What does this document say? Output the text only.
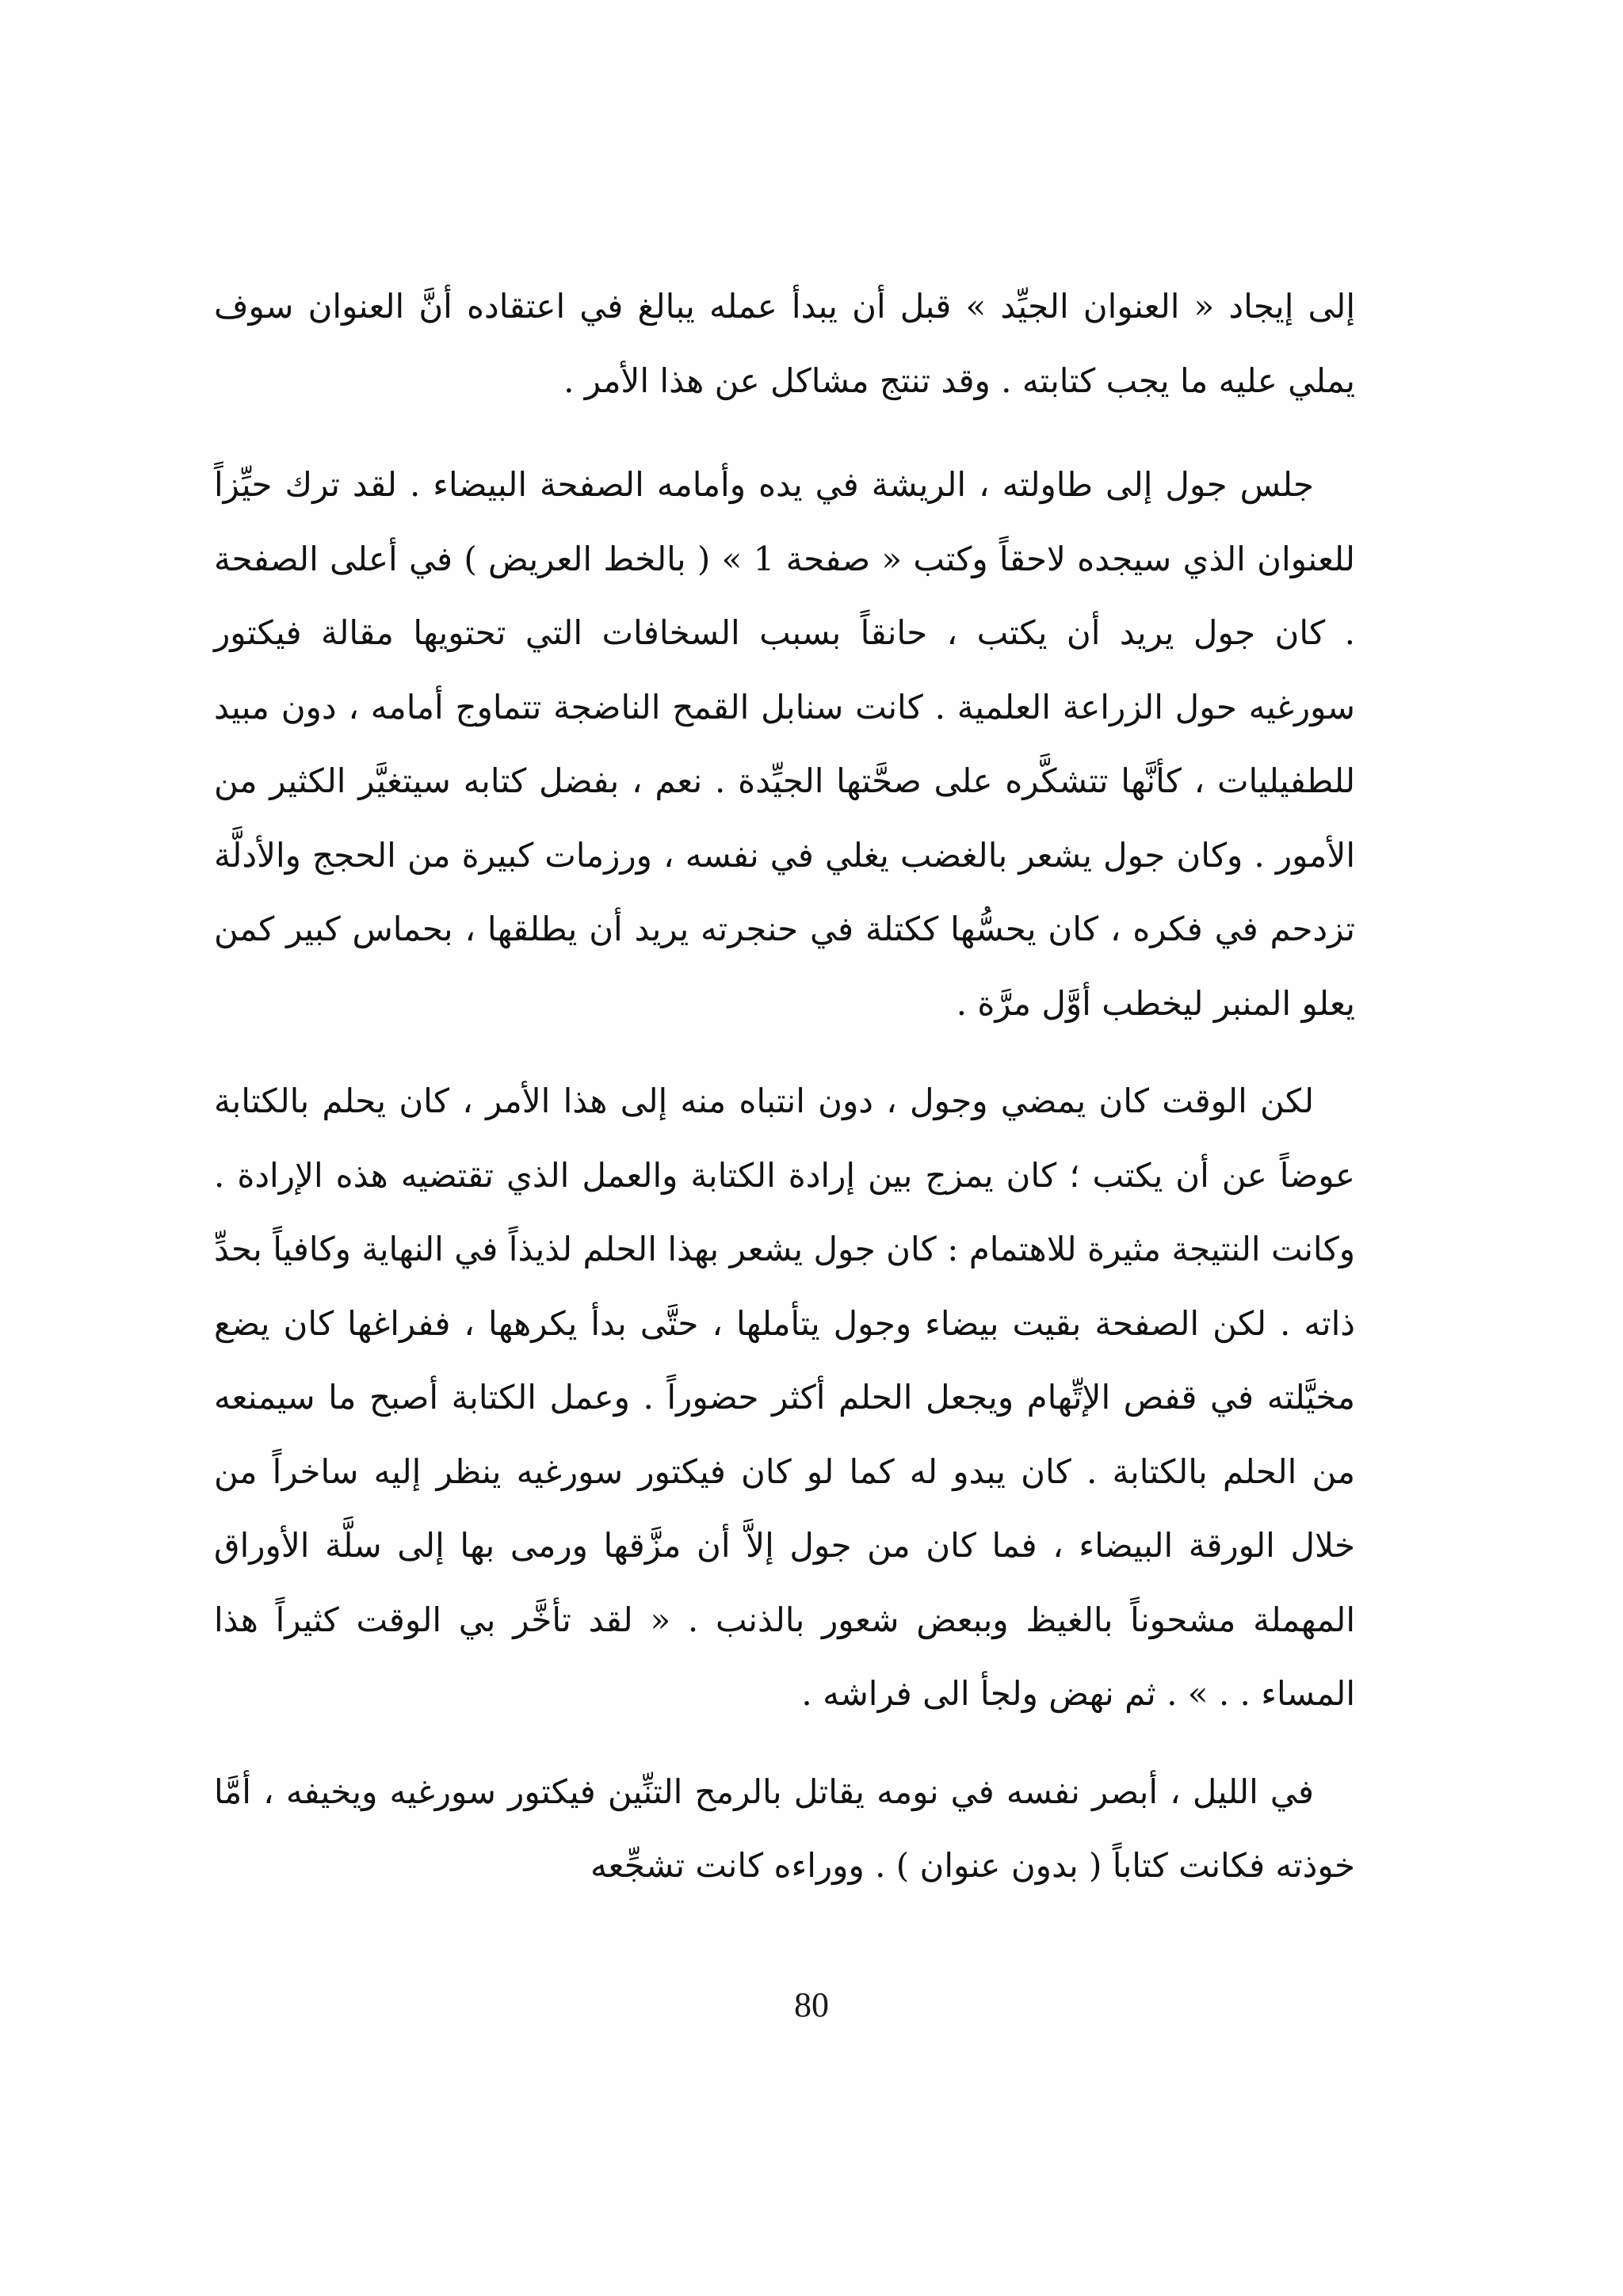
إلى إيجاد « العنوان الجيِّد » قبل أن يبدأ عمله يبالغ في اعتقاده أنَّ العنوان سوف يملي عليه ما يجب كتابته . وقد تنتج مشاكل عن هذا الأمر .

جلس جول إلى طاولته ، الريشة في يده وأمامه الصفحة البيضاء . لقد ترك حيِّزاً للعنوان الذي سيجده لاحقاً وكتب « صفحة 1 » ( بالخط العريض ) في أعلى الصفحة . كان جول يريد أن يكتب ، حانقاً بسبب السخافات التي تحتويها مقالة فيكتور سورغيه حول الزراعة العلمية . كانت سنابل القمح الناضجة تتماوج أمامه ، دون مبيد للطفيليات ، كأنَّها تتشكَّره على صحَّتها الجيِّدة . نعم ، بفضل كتابه سيتغيَّر الكثير من الأمور . وكان جول يشعر بالغضب يغلي في نفسه ، ورزمات كبيرة من الحجج والأدلَّة تزدحم في فكره ، كان يحسُّها ككتلة في حنجرته يريد أن يطلقها ، بحماس كبير كمن يعلو المنبر ليخطب أوَّل مرَّة .

لكن الوقت كان يمضي وجول ، دون انتباه منه إلى هذا الأمر ، كان يحلم بالكتابة عوضاً عن أن يكتب ؛ كان يمزج بين إرادة الكتابة والعمل الذي تقتضيه هذه الإرادة . وكانت النتيجة مثيرة للاهتمام : كان جول يشعر بهذا الحلم لذيذاً في النهاية وكافياً بحدِّ ذاته . لكن الصفحة بقيت بيضاء وجول يتأملها ، حتَّى بدأ يكرهها ، ففراغها كان يضع مخيَّلته في قفص الإتِّهام ويجعل الحلم أكثر حضوراً . وعمل الكتابة أصبح ما سيمنعه من الحلم بالكتابة . كان يبدو له كما لو كان فيكتور سورغيه ينظر إليه ساخراً من خلال الورقة البيضاء ، فما كان من جول إلاَّ أن مزَّقها ورمى بها إلى سلَّة الأوراق المهملة مشحوناً بالغيظ وببعض شعور بالذنب . « لقد تأخَّر بي الوقت كثيراً هذا المساء . . » . ثم نهض ولجأ الى فراشه .

في الليل ، أبصر نفسه في نومه يقاتل بالرمح التنِّين فيكتور سورغيه ويخيفه ، أمَّا خوذته فكانت كتاباً ( بدون عنوان ) . ووراءه كانت تشجِّعه

80
